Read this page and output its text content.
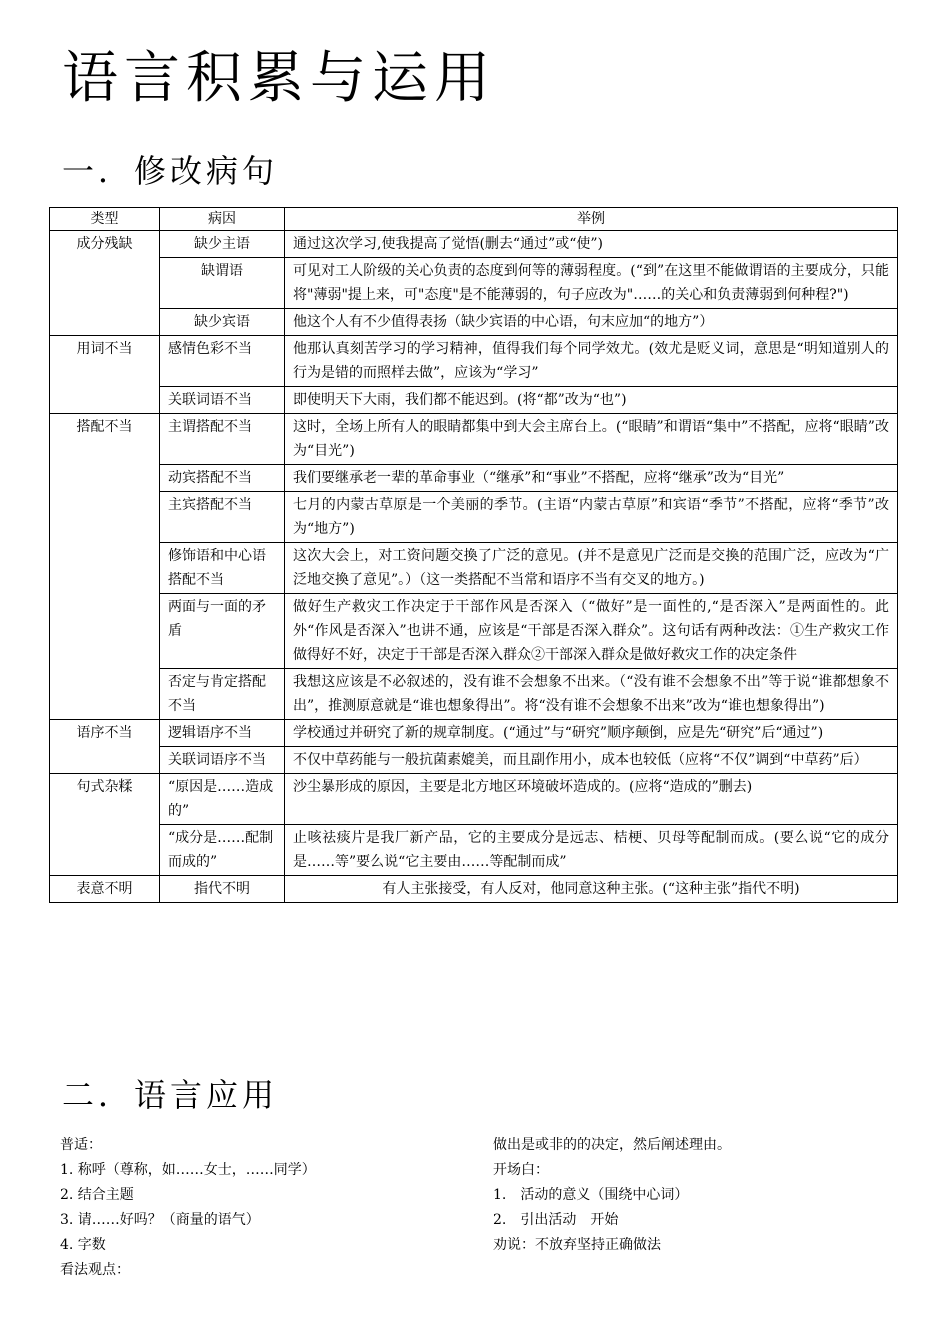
语言积累与运用
一．修改病句
类型	病因	举例
成分残缺	缺少主语	通过这次学习,使我提高了觉悟(删去“通过”或“使”)
	缺谓语	可见对工人阶级的关心负责的态度到何等的薄弱程度。(“到”在这里不能做谓语的主要成分，只能将"薄弱"提上来，可"态度"是不能薄弱的，句子应改为"……的关心和负责薄弱到何种程?")
	缺少宾语	他这个人有不少值得表扬（缺少宾语的中心语，句末应加“的地方”）
用词不当	感情色彩不当	他那认真刻苦学习的学习精神，值得我们每个同学效尤。(效尤是贬义词，意思是“明知道别人的行为是错的而照样去做”，应该为“学习”
	关联词语不当	即使明天下大雨，我们都不能迟到。(将“都”改为“也”)
搭配不当	主谓搭配不当	这时，全场上所有人的眼睛都集中到大会主席台上。(“眼睛”和谓语“集中”不搭配，应将“眼睛”改为“目光”)
	动宾搭配不当	我们要继承老一辈的革命事业（“继承”和“事业”不搭配，应将“继承”改为“目光”
	主宾搭配不当	七月的内蒙古草原是一个美丽的季节。(主语“内蒙古草原”和宾语“季节”不搭配，应将“季节”改为“地方”)
	修饰语和中心语搭配不当	这次大会上，对工资问题交換了广泛的意见。(并不是意见广泛而是交換的范围广泛，应改为“广泛地交換了意见”。）（这一类搭配不当常和语序不当有交叉的地方。)
	两面与一面的矛盾	做好生产救灾工作决定于干部作风是否深入（“做好”是一面性的,“是否深入”是两面性的。此外“作风是否深入”也讲不通，应该是“干部是否深入群众”。这句话有两种改法：①生产救灾工作做得好不好，决定于干部是否深入群众②干部深入群众是做好救灾工作的决定条件
	否定与肯定搭配不当	我想这应该是不必叙述的，没有谁不会想象不出来。（“没有谁不会想象不出”等于说“谁都想象不出”，推测原意就是“谁也想象得出”。将“没有谁不会想象不出来”改为“谁也想象得出”)
语序不当	逻辑语序不当	学校通过并研究了新的规章制度。(“通过”与“研究”顺序颠倒，应是先“研究”后“通过”)
	关联词语序不当	不仅中草药能与一般抗菌素媲美，而且副作用小，成本也较低（应将“不仅”调到“中草药”后）
句式杂糅	“原因是……造成的”	沙尘暴形成的原因，主要是北方地区环境破坏造成的。(应将“造成的”删去)
	“成分是……配制而成的”	止咳祛痰片是我厂新产品，它的主要成分是远志、桔梗、贝母等配制而成。(要么说“它的成分是……等”要么说“它主要由……等配制而成”
表意不明	指代不明	有人主张接受，有人反对，他同意这种主张。(“这种主张”指代不明)
二．语言应用
普适：
1. 称呼（尊称，如……女士，……同学）
2. 结合主题
3. 请……好吗？（商量的语气）
4. 字数
看法观点：
做出是或非的的决定，然后阐述理由。
开场白：
1.　活动的意义（围绕中心词）
2.　引出活动　开始
劝说：不放弃坚持正确做法
